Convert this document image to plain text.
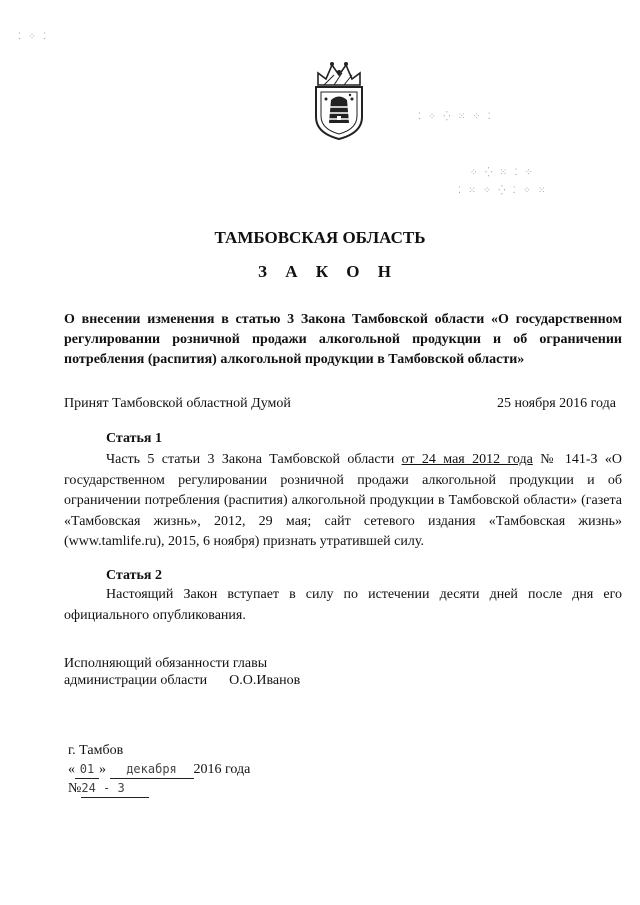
⁚ ⁘ ⁛ ⁙ ⁘ ⁚
⁘ ⁛ ⁙ ⁚ ⁘
⁚ ⁙ ⁘ ⁛ ⁚ ⁘ ⁙
⁚ ⁘ ⁚
ТАМБОВСКАЯ ОБЛАСТЬ
З А К О Н
О внесении изменения в статью 3 Закона Тамбовской области «О государственном регулировании розничной продажи алкогольной продукции и об ограничении потребления (распития) алкогольной продукции в Тамбовской области»
Принят Тамбовской областной Думой	25 ноября 2016 года
Статья 1
Часть 5 статьи 3 Закона Тамбовской области от 24 мая 2012 года № 141-З «О государственном регулировании розничной продажи алкогольной продукции и об ограничении потребления (распития) алкогольной продукции в Тамбовской области» (газета «Тамбовская жизнь», 2012, 29 мая; сайт сетевого издания «Тамбовская жизнь» (www.tamlife.ru), 2015, 6 ноября) признать утратившей силу.
Статья 2
Настоящий Закон вступает в силу по истечении десяти дней после дня его официального опубликования.
Исполняющий обязанности главы
администрации области О.О.Иванов
г. Тамбов
« 01 » декабря 2016 года
№24 - З
